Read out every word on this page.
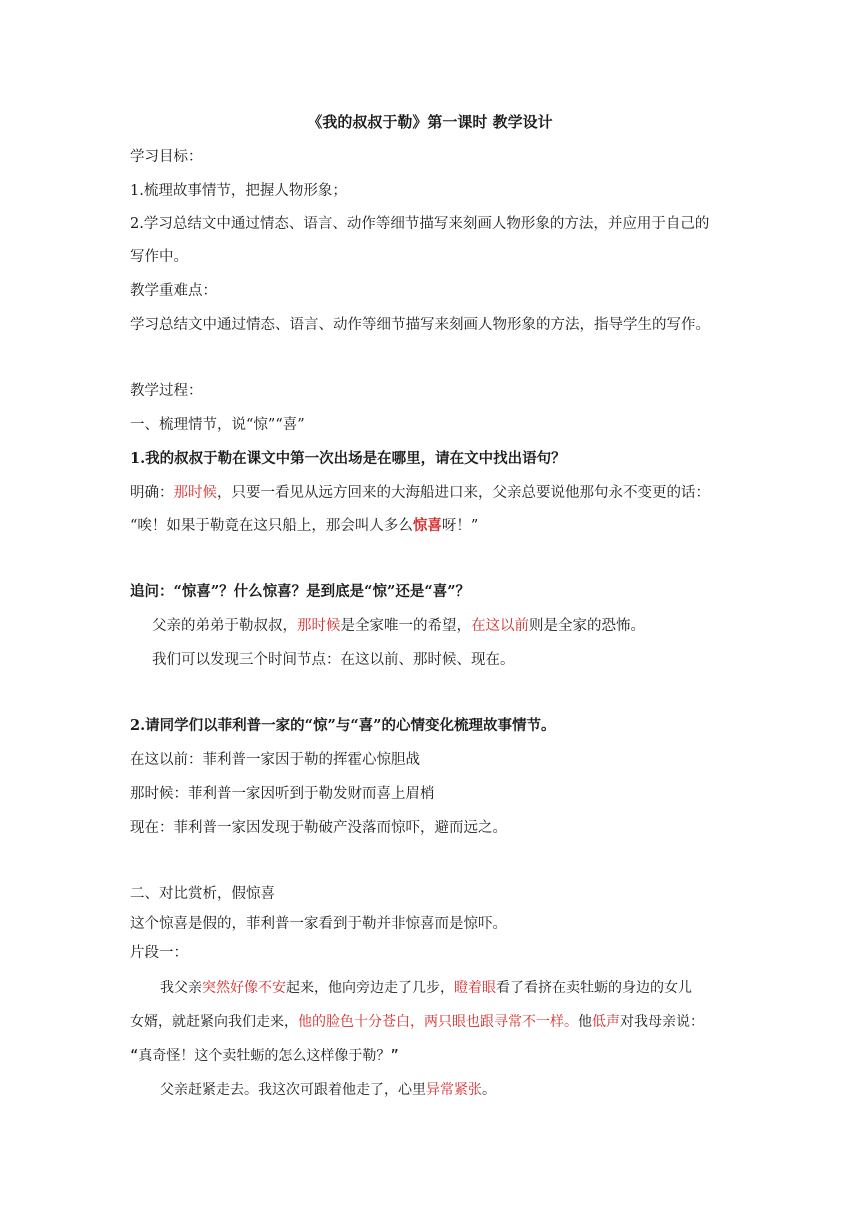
《我的叔叔于勒》第一课时 教学设计
学习目标：
1.梳理故事情节，把握人物形象；
2.学习总结文中通过情态、语言、动作等细节描写来刻画人物形象的方法，并应用于自己的
写作中。
教学重难点：
学习总结文中通过情态、语言、动作等细节描写来刻画人物形象的方法，指导学生的写作。
教学过程：
一、梳理情节，说“惊”“喜”
1.我的叔叔于勒在课文中第一次出场是在哪里，请在文中找出语句？
明确：那时候，只要一看见从远方回来的大海船进口来，父亲总要说他那句永不变更的话：
“唉！如果于勒竟在这只船上，那会叫人多么惊喜呀！”
追问：“惊喜”？什么惊喜？是到底是“惊”还是“喜”？
父亲的弟弟于勒叔叔，那时候是全家唯一的希望，在这以前则是全家的恐怖。
我们可以发现三个时间节点：在这以前、那时候、现在。
2.请同学们以菲利普一家的“惊”与“喜”的心情变化梳理故事情节。
在这以前：菲利普一家因于勒的挥霍心惊胆战
那时候：菲利普一家因听到于勒发财而喜上眉梢
现在：菲利普一家因发现于勒破产没落而惊吓，避而远之。
二、对比赏析，假惊喜
这个惊喜是假的，菲利普一家看到于勒并非惊喜而是惊吓。
片段一：
我父亲突然好像不安起来，他向旁边走了几步，瞪着眼看了看挤在卖牡蛎的身边的女儿
女婿，就赶紧向我们走来，他的脸色十分苍白，两只眼也跟寻常不一样。他低声对我母亲说：
“真奇怪！这个卖牡蛎的怎么这样像于勒？”
父亲赶紧走去。我这次可跟着他走了，心里异常紧张。
